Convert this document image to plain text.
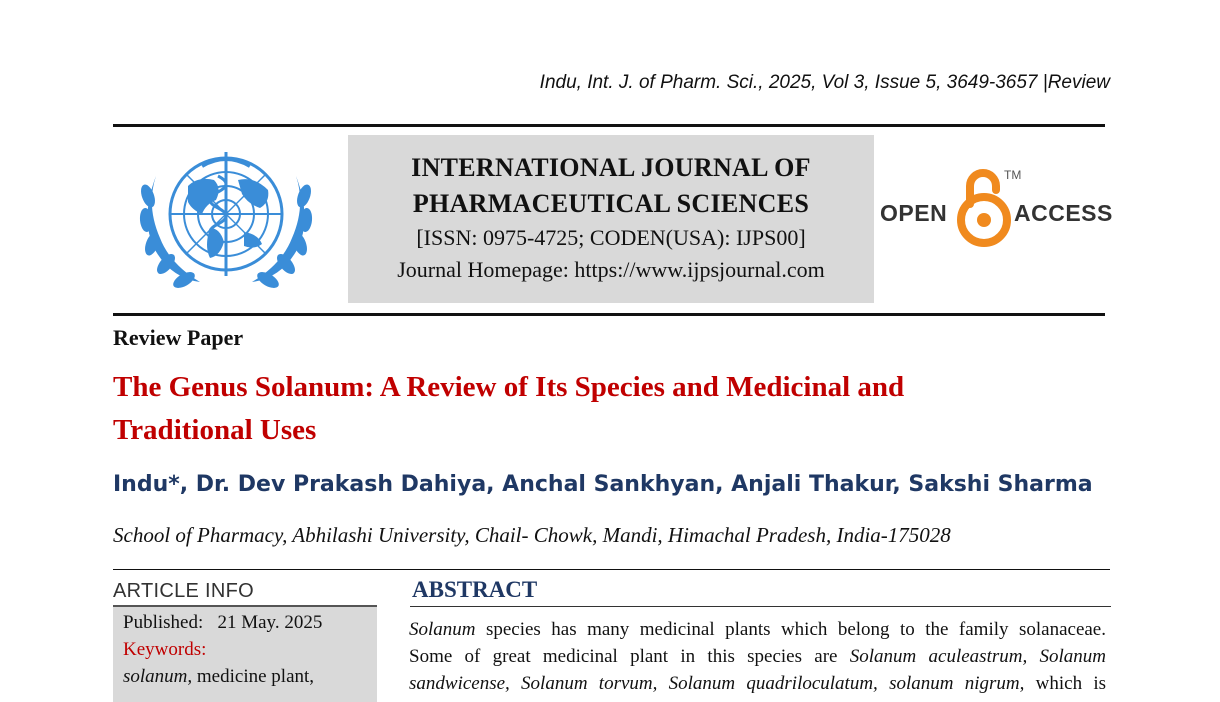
Indu, Int. J. of Pharm. Sci., 2025, Vol 3, Issue 5, 3649-3657 |Review
INTERNATIONAL JOURNAL OF
PHARMACEUTICAL SCIENCES
[ISSN: 0975-4725; CODEN(USA): IJPS00]
Journal Homepage: https://www.ijpsjournal.com
OPEN	ACCESS
TM
Review Paper
The Genus Solanum: A Review of Its Species and Medicinal and
Traditional Uses
Indu*, Dr. Dev Prakash Dahiya, Anchal Sankhyan, Anjali Thakur, Sakshi Sharma
School of Pharmacy, Abhilashi University, Chail- Chowk, Mandi, Himachal Pradesh, India-175028
ARTICLE INFO
Published: 21 May. 2025
Keywords:
solanum, medicine plant,
ABSTRACT
Solanum species has many medicinal plants which belong to the family solanaceae.
Some of great medicinal plant in this species are Solanum aculeastrum, Solanum
sandwicense, Solanum torvum, Solanum quadriloculatum, solanum nigrum, which is
